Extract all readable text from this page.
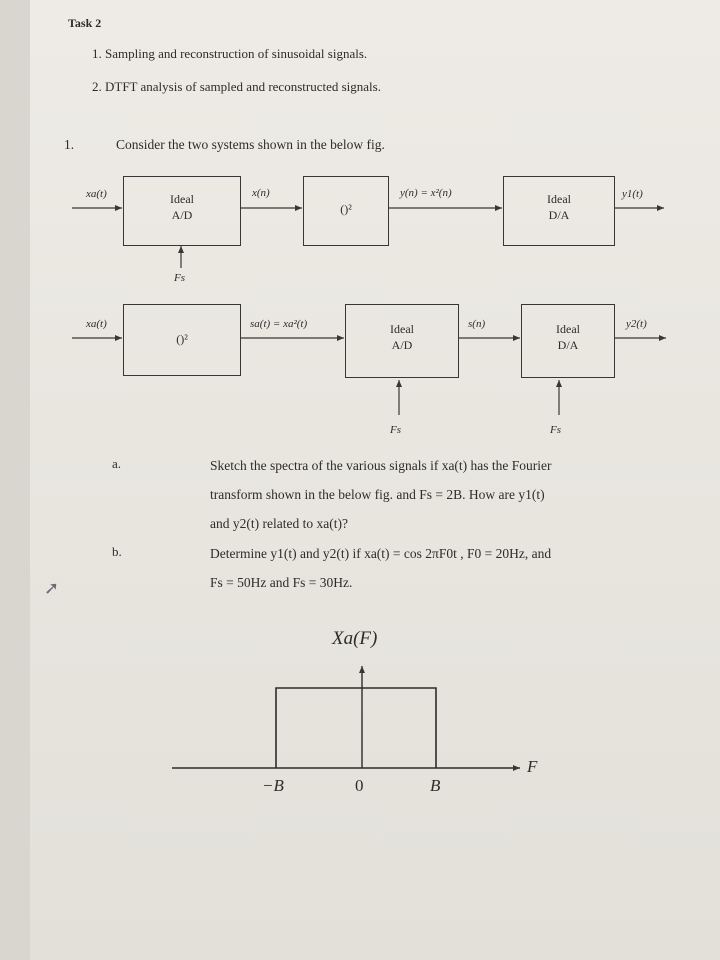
Task 2
1. Sampling and reconstruction of sinusoidal signals.
2. DTFT analysis of sampled and reconstructed signals.
1.	Consider the two systems shown in the below fig.
Ideal
A/D	()²
Ideal
D/A
xa(t)	x(n)	y(n) = x²(n)	y1(t)
Fs
()²
Ideal
A/D
Ideal
D/A
xa(t)	sa(t) = xa²(t)	s(n)	y2(t)
Fs	Fs
a.	Sketch the spectra of the various signals if xa(t) has the Fourier
transform shown in the below fig. and Fs = 2B. How are y1(t)
and y2(t) related to xa(t)?
b.	Determine y1(t) and y2(t) if xa(t) = cos 2πF0t , F0 = 20Hz, and
Fs = 50Hz and Fs = 30Hz.
➚
Xa(F)
F
−B	0	B
